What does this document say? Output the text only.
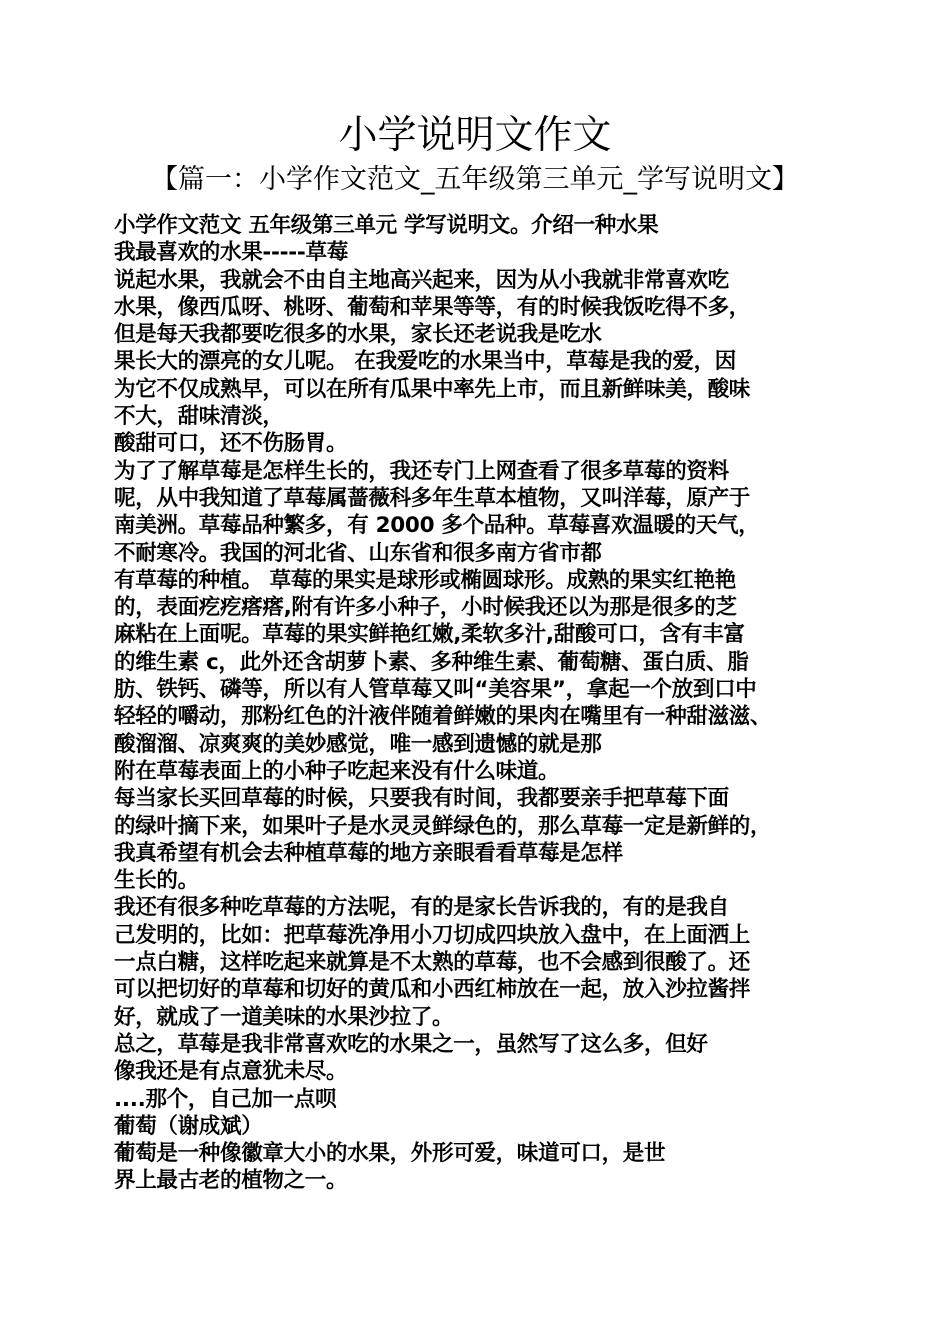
小学说明文作文
【篇一：小学作文范文_五年级第三单元_学写说明文】
小学作文范文 五年级第三单元 学写说明文。介绍一种水果
我最喜欢的水果-----草莓
说起水果，我就会不由自主地高兴起来，因为从小我就非常喜欢吃
水果，像西瓜呀、桃呀、葡萄和苹果等等，有的时候我饭吃得不多，
但是每天我都要吃很多的水果，家长还老说我是吃水
果长大的漂亮的女儿呢。 在我爱吃的水果当中，草莓是我的爱，因
为它不仅成熟早，可以在所有瓜果中率先上市，而且新鲜味美，酸味
不大，甜味清淡，
酸甜可口，还不伤肠胃。
为了了解草莓是怎样生长的，我还专门上网查看了很多草莓的资料
呢，从中我知道了草莓属蔷薇科多年生草本植物，又叫洋莓，原产于
南美洲。草莓品种繁多，有 2000 多个品种。草莓喜欢温暖的天气，
不耐寒冷。我国的河北省、山东省和很多南方省市都
有草莓的种植。 草莓的果实是球形或椭圆球形。成熟的果实红艳艳
的，表面疙疙瘩瘩,附有许多小种子，小时候我还以为那是很多的芝
麻粘在上面呢。草莓的果实鲜艳红嫩,柔软多汁,甜酸可口，含有丰富
的维生素 c，此外还含胡萝卜素、多种维生素、葡萄糖、蛋白质、脂
肪、铁钙、磷等，所以有人管草莓又叫“美容果”，拿起一个放到口中
轻轻的嚼动，那粉红色的汁液伴随着鲜嫩的果肉在嘴里有一种甜滋滋、
酸溜溜、凉爽爽的美妙感觉，唯一感到遗憾的就是那
附在草莓表面上的小种子吃起来没有什么味道。
每当家长买回草莓的时候，只要我有时间，我都要亲手把草莓下面
的绿叶摘下来，如果叶子是水灵灵鲜绿色的，那么草莓一定是新鲜的，
我真希望有机会去种植草莓的地方亲眼看看草莓是怎样
生长的。
我还有很多种吃草莓的方法呢，有的是家长告诉我的，有的是我自
己发明的，比如：把草莓洗净用小刀切成四块放入盘中，在上面洒上
一点白糖，这样吃起来就算是不太熟的草莓，也不会感到很酸了。还
可以把切好的草莓和切好的黄瓜和小西红柿放在一起，放入沙拉酱拌
好，就成了一道美味的水果沙拉了。
总之，草莓是我非常喜欢吃的水果之一，虽然写了这么多，但好
像我还是有点意犹未尽。
....那个，自己加一点呗
葡萄（谢成斌）
葡萄是一种像徽章大小的水果，外形可爱，味道可口，是世
界上最古老的植物之一。
